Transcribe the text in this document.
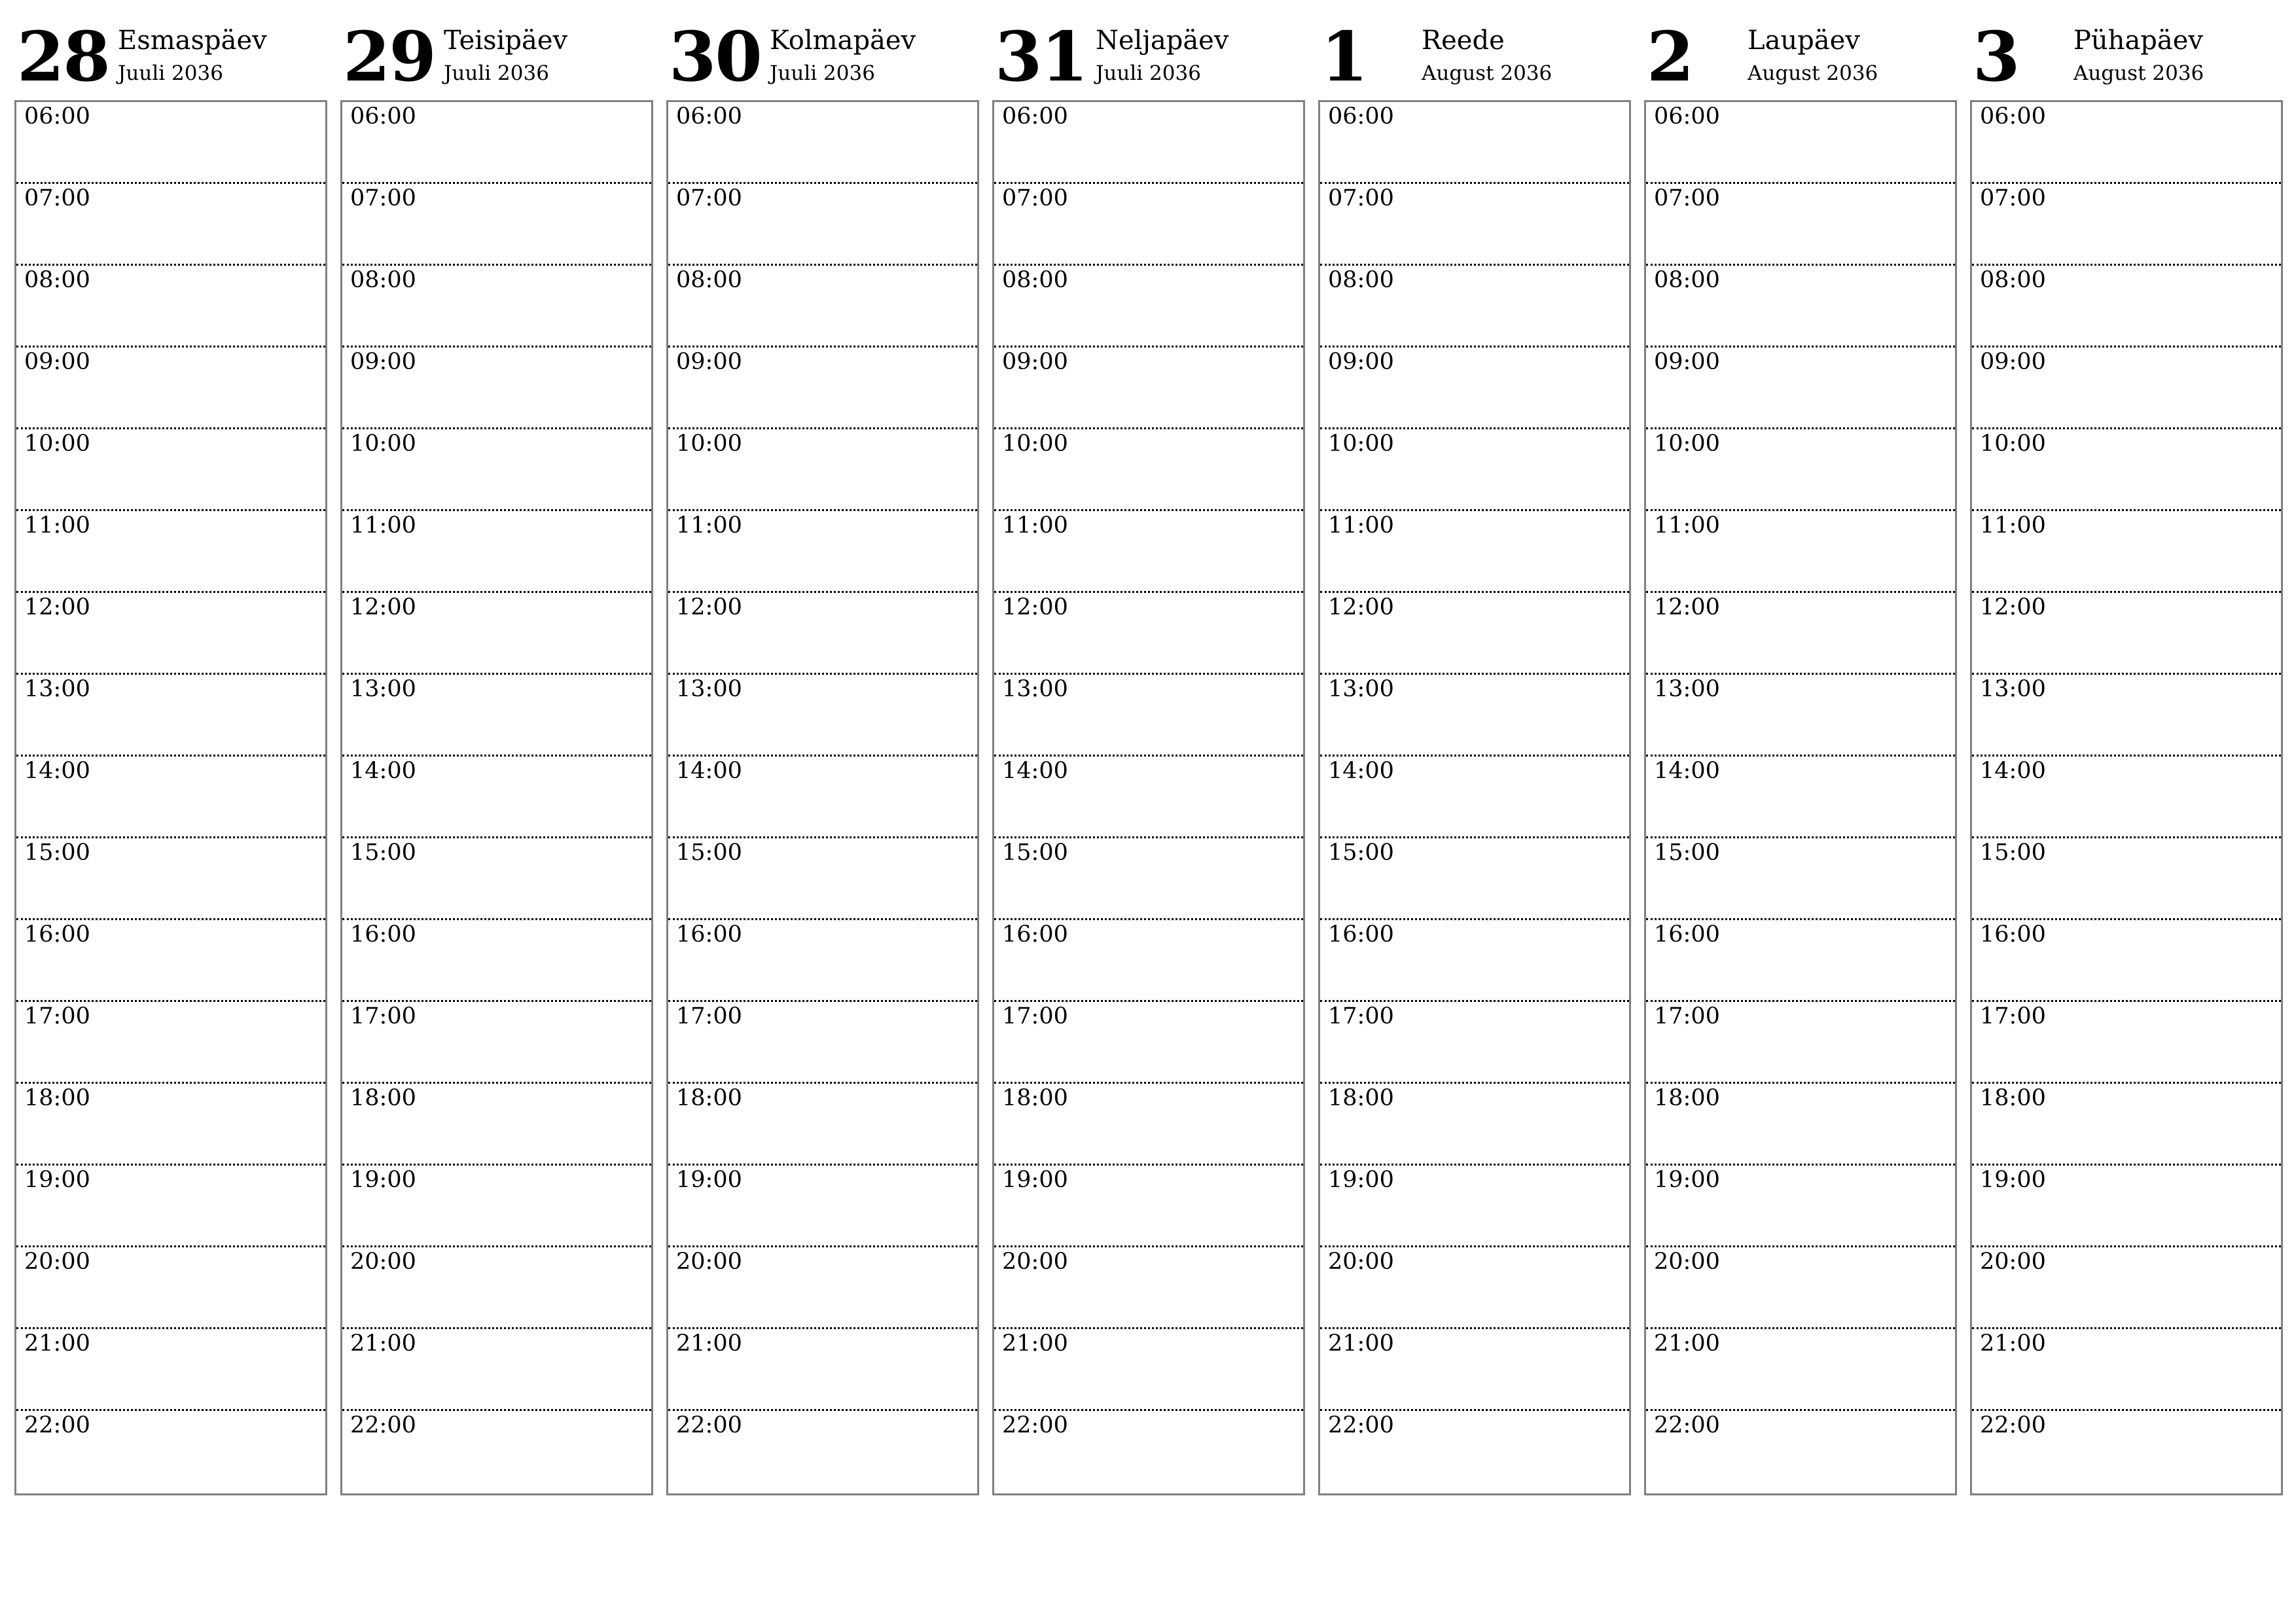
28 Esmaspäev
Juuli 2036
06:00
07:00
08:00
09:00
10:00
11:00
12:00
13:00
14:00
15:00
16:00
17:00
18:00
19:00
20:00
21:00
22:00
29 Teisipäev
Juuli 2036
06:00
07:00
08:00
09:00
10:00
11:00
12:00
13:00
14:00
15:00
16:00
17:00
18:00
19:00
20:00
21:00
22:00
30 Kolmapäev
Juuli 2036
06:00
07:00
08:00
09:00
10:00
11:00
12:00
13:00
14:00
15:00
16:00
17:00
18:00
19:00
20:00
21:00
22:00
31 Neljapäev
Juuli 2036
06:00
07:00
08:00
09:00
10:00
11:00
12:00
13:00
14:00
15:00
16:00
17:00
18:00
19:00
20:00
21:00
22:00
1 Reede
August 2036
06:00
07:00
08:00
09:00
10:00
11:00
12:00
13:00
14:00
15:00
16:00
17:00
18:00
19:00
20:00
21:00
22:00
2 Laupäev
August 2036
06:00
07:00
08:00
09:00
10:00
11:00
12:00
13:00
14:00
15:00
16:00
17:00
18:00
19:00
20:00
21:00
22:00
3 Pühapäev
August 2036
06:00
07:00
08:00
09:00
10:00
11:00
12:00
13:00
14:00
15:00
16:00
17:00
18:00
19:00
20:00
21:00
22:00
